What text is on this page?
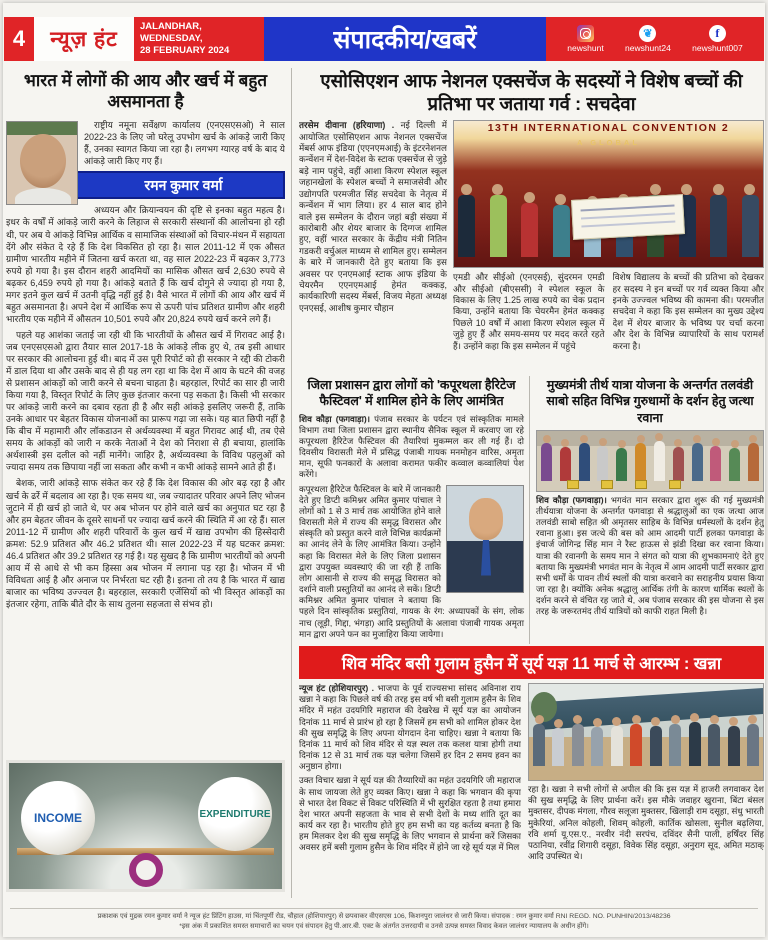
4	न्यूज़ हंट
JALANDHAR, WEDNESDAY,
28 FEBRUARY 2024	संपादकीय/खबरें	newshunt
❦
newshunt24
f
newshunt007
भारत में लोगों की आय और खर्च में बहुत असमानता है

राष्ट्रीय नमूना सर्वेक्षण कार्यालय (एनएसएसओ) ने साल 2022-23 के लिए जो घरेलू उपभोग खर्च के आंकड़े जारी किए हैं, उनका स्वागत किया जा रहा है। लगभग ग्यारह वर्ष के बाद ये आंकड़े जारी किए गए हैं।

रमन कुमार वर्मा

अध्ययन और क्रियान्वयन की दृष्टि से इनका बहुत महत्व है। इधर के वर्षों में आंकड़े जारी करने के लिहाज से सरकारी संस्थानों की आलोचना हो रही थी, पर अब ये आंकड़े विभिन्न आर्थिक व सामाजिक संस्थाओं को विचार-मंथन में सहायता देंगे और संकेत दे रहे हैं कि देश विकसित हो रहा है। साल 2011-12 में एक औसत ग्रामीण भारतीय महीने में जितना खर्च करता था, वह साल 2022-23 में बढ़कर 3,773 रुपये हो गया है। इस दौरान शहरी आदमियों का मासिक औसत खर्च 2,630 रुपये से बढ़कर 6,459 रुपये हो गया है। आंकड़े बताते हैं कि खर्च दोगुने से ज्यादा हो गया है, मगर इतने कुल खर्च में उतनी वृद्धि नहीं हुई है। वैसे भारत में लोगों की आय और खर्च में बहुत असमानता है। अपने देश में आर्थिक रूप से ऊपरी पांच प्रतिशत ग्रामीण और शहरी भारतीय एक महीने में औसतन 10,501 रुपये और 20,824 रुपये खर्च करने लगे हैं।

पहले यह आशंका जताई जा रही थी कि भारतीयों के औसत खर्च में गिरावट आई है। जब एनएसएसओ द्वारा तैयार साल 2017-18 के आंकड़े लीक हुए थे, तब इसी आधार पर सरकार की आलोचना हुई थी। बाद में उस पूरी रिपोर्ट को ही सरकार ने रद्दी की टोकरी में डाल दिया था और उसके बाद से ही यह लग रहा था कि देश में आय के घटने की वजह से प्रशासन आंकड़ों को जारी करने से बचना चाहता है। बहरहाल, रिपोर्ट का सार ही जारी किया गया है, विस्तृत रिपोर्ट के लिए कुछ इंतजार करना पड़ सकता है। किसी भी सरकार पर आंकड़े जारी करने का दबाव रहता ही है और सही आंकड़े इसलिए जरूरी हैं, ताकि उनके आधार पर बेहतर विकास योजनाओं का प्रारूप गढ़ा जा सके। यह बात छिपी नहीं है कि बीच में महामारी और लॉकडाउन से अर्थव्यवस्था में बहुत गिरावट आई थी, तब ऐसे समय के आंकड़ों को जारी न करके नेताओं ने देश को निराशा से ही बचाया, हालांकि अर्थशास्त्री इस दलील को नहीं मानेंगे। जाहिर है, अर्थव्यवस्था के विविध पहलुओं को ज्यादा समय तक छिपाया नहीं जा सकता और कभी न कभी आंकड़े सामने आते ही हैं।

बेशक, जारी आंकड़े साफ संकेत कर रहे हैं कि देश विकास की ओर बढ़ रहा है और खर्च के ढर्रे में बदलाव आ रहा है। एक समय था, जब ज्यादातर परिवार अपने लिए भोजन जुटाने में ही खर्च हो जाते थे, पर अब भोजन पर होने वाले खर्च का अनुपात घट रहा है और हम बेहतर जीवन के दूसरे साधनों पर ज्यादा खर्च करने की स्थिति में आ रहे हैं। साल 2011-12 में ग्रामीण और शहरी परिवारों के कुल खर्च में खाद्य उपभोग की हिस्सेदारी क्रमश: 52.9 प्रतिशत और 46.2 प्रतिशत थी। साल 2022-23 में यह घटकर क्रमश: 46.4 प्रतिशत और 39.2 प्रतिशत रह गई है। यह सुखद है कि ग्रामीण भारतीयों को अपनी आय में से आधे से भी कम हिस्सा अब भोजन में लगाना पड़ रहा है। भोजन में भी विविधता आई है और अनाज पर निर्भरता घट रही है। इतना तो तय है कि भारत में खाद्य बाजार का भविष्य उज्ज्वल है। बहरहाल, सरकारी एजेंसियों को भी विस्तृत आंकड़ों का इंतजार रहेगा, ताकि बीते दौर के साथ तुलना सहजता से संभव हो।

INCOME	EXPENDITURE
एसोसिएशन आफ नेशनल एक्सचेंज के सदस्यों ने विशेष बच्चों की प्रतिभा पर जताया गर्व : सचदेवा
तरसेम दीवाना (हरियाणा) . नई दिल्ली में आयोजित एसोसिएशन आफ नेशनल एक्सचेंज मेंबर्स आफ इंडिया (एएनएमआई) के इंटरनेशनल कन्वेंशन में देश-विदेश के स्टाक एक्सचेंज से जुड़े बड़े नाम पहुंचे, वहीं आशा किरण स्पेशल स्कूल जहानखेलां के स्पेशल बच्चों ने समाजसेवी और उद्योगपति परमजीत सिंह सचदेवा के नेतृत्व में कन्वेंशन में भाग लिया। हर 4 साल बाद होने वाले इस सम्मेलन के दौरान जहां बड़ी संख्या में कारोबारी और शेयर बाजार के दिग्गज शामिल हुए, वहीं भारत सरकार के केंद्रीय मंत्री नितिन गडकरी वर्चुअल माध्यम से शामिल हुए। सम्मेलन के बारे में जानकारी देते हुए बताया कि इस अवसर पर एनएमआई स्टाक आफ इंडिया के चेयरमैन एएनएमआई हेमंत कक्कड़, कार्यकारिणी सदस्य मेंबर्स, विजय मेहता अध्यक्ष एनएसई, आशीष कुमार चौहान
13TH INTERNATIONAL CONVENTION 2
A GLOBAL
एमडी और सीईओ (एनएसई), सुंदरमन एमडी और सीईओ (बीएससी) ने स्पेशल स्कूल के विकास के लिए 1.25 लाख रुपये का चेक प्रदान किया, उन्होंने बताया कि चेयरमैन हेमंत कक्कड़ पिछले 10 वर्षों में आशा किरण स्पेशल स्कूल में जुड़े हुए हैं और समय-समय पर मदद करते रहते हैं। उन्होंने कहा कि इस सम्मेलन में पहुंचे
विशेष विद्यालय के बच्चों की प्रतिभा को देखकर हर सदस्य ने इन बच्चों पर गर्व व्यक्त किया और इनके उज्ज्वल भविष्य की कामना की। परमजीत सचदेवा ने कहा कि इस सम्मेलन का मुख्य उद्देश्य देश में शेयर बाजार के भविष्य पर चर्चा करना और देश के विभिन्न व्यापारियों के साथ परामर्श करना है।
जिला प्रशासन द्वारा लोगों को 'कपूरथला हैरिटेज फैस्टिवल' में शामिल होने के लिए आमंत्रित

शिव कौड़ा (फगवाड़ा)। पंजाब सरकार के पर्यटन एवं सांस्कृतिक मामले विभाग तथा जिला प्रशासन द्वारा स्थानीय सैनिक स्कूल में करवाए जा रहे कपूरथला हैरिटेज फैस्टिवल की तैयारियां मुकम्मल कर ली गई हैं। दो दिवसीय विरासती मेले में प्रसिद्ध पंजाबी गायक मनमोहन वारिस, अमृता मान, सूफी फनकारों के अलावा करामत फकीर कव्वाल कव्वालियां पेश करेंगे।

कपूरथला हैरिटेज फैस्टिवल के बारे में जानकारी देते हुए डिप्टी कमिश्नर अमित कुमार पांचाल ने लोगों को 1 से 3 मार्च तक आयोजित होने वाले विरासती मेले में राज्य की समृद्ध विरासत और संस्कृति को प्रस्तुत करने वाले विभिन्न कार्यक्रमों का आनंद लेने के लिए आमंत्रित किया। उन्होंने कहा कि विरासत मेले के लिए जिला प्रशासन द्वारा उपयुक्त व्यवस्थाएं की जा रही हैं ताकि लोग आसानी से राज्य की समृद्ध विरासत को दर्शाने वाली प्रस्तुतियों का आनंद ले सकें। डिप्टी कमिश्नर अमित कुमार पांचाल ने बताया कि पहले दिन सांस्कृतिक प्रस्तुतियां, गायक के रंग: अध्यापकों के संग, लोक नाच (लूड़ी, गिद्दा, भंगड़ा) आदि प्रस्तुतियों के अलावा पंजाबी गायक अमृता मान द्वारा अपने फन का मुजाहिरा किया जायेगा।

मुख्यमंत्री तीर्थ यात्रा योजना के अन्तर्गत तलवंडी साबो सहित विभिन्न गुरुधामों के दर्शन हेतु जत्था रवाना

शिव कौड़ा (फगवाड़ा)। भगवंत मान सरकार द्वारा शुरू की गई मुख्यमंत्री तीर्थयात्रा योजना के अन्तर्गत फगवाड़ा से श्रद्धालुओं का एक जत्था आज तलवंडी साबो सहित श्री अमृतसर साहिब के विभिन्न धर्मस्थलों के दर्शन हेतु रवाना हुआ। इस जत्थे की बस को आम आदमी पार्टी हलका फगवाड़ा के इंचार्ज जोगिन्द्र सिंह मान ने रैस्ट हाऊस से झंडी दिखा कर रवाना किया। यात्रा की रवानगी के समय मान ने संगत को यात्रा की शुभकामनाएं देते हुए बताया कि मुख्यमंत्री भगवंत मान के नेतृत्व में आम आदमी पार्टी सरकार द्वारा सभी धर्मों के पावन तीर्थ स्थलों की यात्रा करवाने का सराहनीय प्रयास किया जा रहा है। क्योंकि अनेक श्रद्धालु आर्थिक तंगी के कारण धार्मिक स्थलों के दर्शन करने से वंचित रह जाते थे, अब पंजाब सरकार की इस योजना से इस तरह के जरूरतमंद तीर्थ यात्रियों को काफी राहत मिली है।

शिव मंदिर बसी गुलाम हुसैन में सूर्य यज्ञ 11 मार्च से आरम्भ : खन्ना

न्यूज हंट (होशियारपुर) . भाजपा के पूर्व राज्यसभा सांसद अविनाश राय खन्ना ने कहा कि पिछले वर्ष की तरह इस वर्ष भी बसी गुलाम हुसैन के शिव मंदिर में महंत उदयगिरि महाराज की देखरेख में सूर्य यज्ञ का आयोजन दिनांक 11 मार्च से प्रारंभ हो रहा है जिसमें हम सभी को शामिल होकर देश की सुख समृद्धि के लिए अपना योगदान देना चाहिए। खन्ना ने बताया कि दिनांक 11 मार्च को शिव मंदिर से यज्ञ स्थल तक कलश यात्रा होगी तथा दिनांक 12 से 31 मार्च तक यज्ञ चलेगा जिसमें हर दिन 2 समय हवन का अनुष्ठान होगा।

उक्त विचार खन्ना ने सूर्य यज्ञ की तैय्यारियों का महंत उदयगिरि जी महाराज के साथ जायजा लेते हुए व्यक्त किए। खन्ना ने कहा कि भगवान की कृपा से भारत देश विकट से विकट परिस्थिति में भी सुरक्षित रहता है तथा हमारा देश भारत अपनी सहजता के भाव से सभी देशों के मध्य शांति दूत का कार्य कर रहा है। भारतीय होते हुए हम सभी का यह कर्तव्य बनता है कि हम मिलकर देश की सुख समृद्धि के लिए भगवान से प्रार्थना करें जिसका अवसर हमें बसी गुलाम हुसैन के शिव मंदिर में होने जा रहे सूर्य यज्ञ में मिल

रहा है। खन्ना ने सभी लोगों से अपील की कि इस यज्ञ में हाजरी लगवाकर देश की सुख समृद्धि के लिए प्रार्थना करें। इस मौके जवाहर खुराना, बिंटा बंसल मुक्तसर, दीपक मंगला, गौरव सलूजा मुक्तसर, खिलाड़ी राम दसूहा, संधु भारती मुकेरियां, अनिल कोहली, शिवम् कोहली, कार्तिक खोसला, सुनील बढ़लिया, रवि शर्मा यू.एस.ए., नरवीर नंदी सरपंच, दविंदर सैनी पाली, हर्षिंदर सिंह पठानिया, रवींद्र शिगारी दसूहा, विवेक सिंह दसूहा, अनुराग सूद, अमित मठाक् आदि उपस्थित थे।
प्रकाशक एवं मुद्रक रमन कुमार वर्मा ने न्यूज हंट प्रिंटिंग हाउस, मां चिंतपूर्णी रोड, चौहाल (होशियारपुर) से छपवाकर वीएसएस 106, किशनपुरा जालंधर से जारी किया। संपादक : रमन कुमार वर्मा RNI REGD. NO. PUNHIN/2013/48236
*इस अंक में प्रकाशित समस्त समाचारों का चयन एवं संपादन हेतु पी.आर.बी. एक्ट के अंतर्गत उत्तरदायी व उनसे उत्पन्न समस्त विवाद केवल जालंधर न्यायालय के अधीन होंगे।
